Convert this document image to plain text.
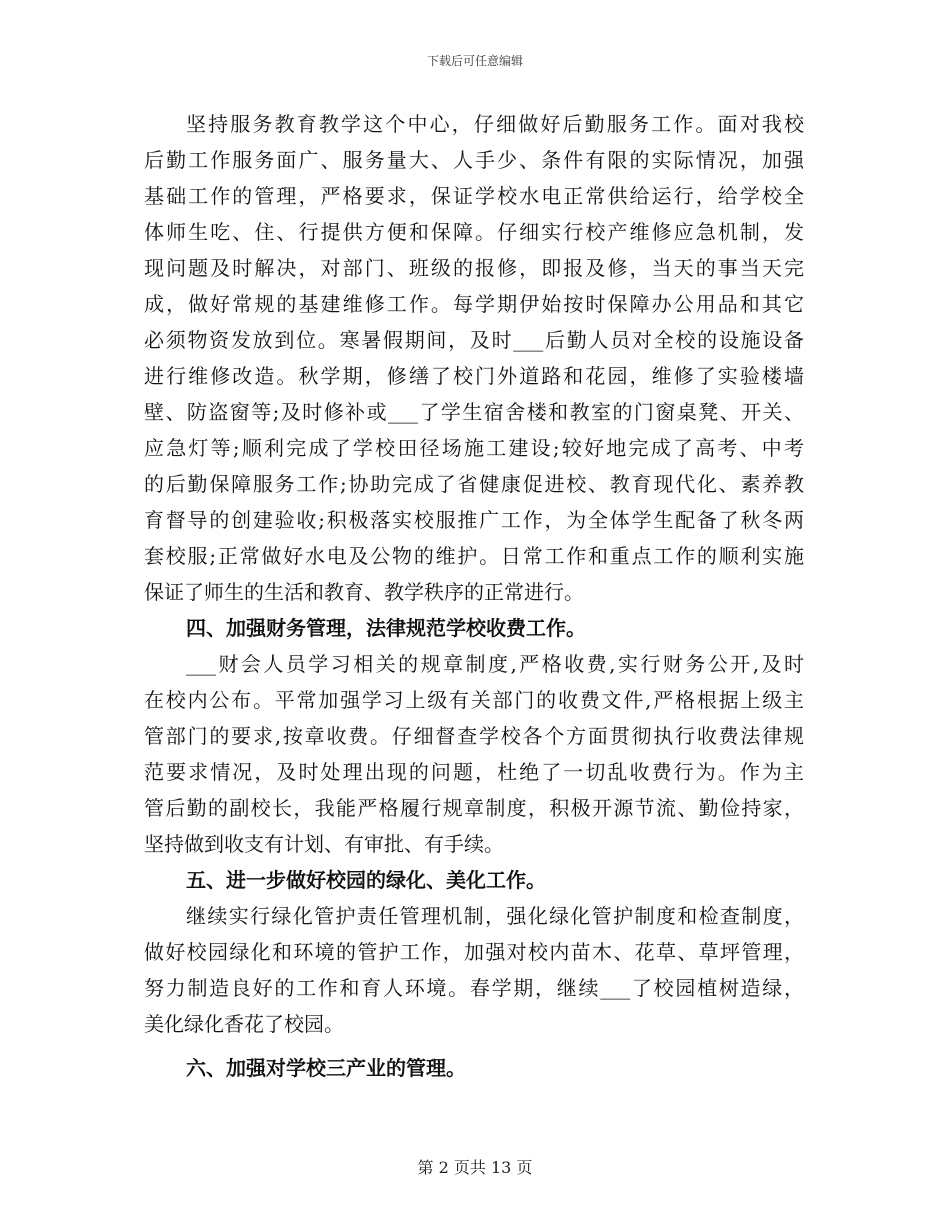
下载后可任意编辑
坚持服务教育教学这个中心，仔细做好后勤服务工作。面对我校
后勤工作服务面广、服务量大、人手少、条件有限的实际情况，加强
基础工作的管理，严格要求，保证学校水电正常供给运行，给学校全
体师生吃、住、行提供方便和保障。仔细实行校产维修应急机制，发
现问题及时解决，对部门、班级的报修，即报及修，当天的事当天完
成，做好常规的基建维修工作。每学期伊始按时保障办公用品和其它
必须物资发放到位。寒暑假期间，及时___后勤人员对全校的设施设备
进行维修改造。秋学期，修缮了校门外道路和花园，维修了实验楼墙
壁、防盗窗等;及时修补或___了学生宿舍楼和教室的门窗桌凳、开关、
应急灯等;顺利完成了学校田径场施工建设;较好地完成了高考、中考
的后勤保障服务工作;协助完成了省健康促进校、教育现代化、素养教
育督导的创建验收;积极落实校服推广工作，为全体学生配备了秋冬两
套校服;正常做好水电及公物的维护。日常工作和重点工作的顺利实施
保证了师生的生活和教育、教学秩序的正常进行。
四、加强财务管理，法律规范学校收费工作。
___财会人员学习相关的规章制度,严格收费,实行财务公开,及时
在校内公布。平常加强学习上级有关部门的收费文件,严格根据上级主
管部门的要求,按章收费。仔细督查学校各个方面贯彻执行收费法律规
范要求情况，及时处理出现的问题，杜绝了一切乱收费行为。作为主
管后勤的副校长，我能严格履行规章制度，积极开源节流、勤俭持家，
坚持做到收支有计划、有审批、有手续。
五、进一步做好校园的绿化、美化工作。
继续实行绿化管护责任管理机制，强化绿化管护制度和检查制度，
做好校园绿化和环境的管护工作，加强对校内苗木、花草、草坪管理，
努力制造良好的工作和育人环境。春学期，继续___了校园植树造绿，
美化绿化香花了校园。
六、加强对学校三产业的管理。
第 2 页共 13 页
